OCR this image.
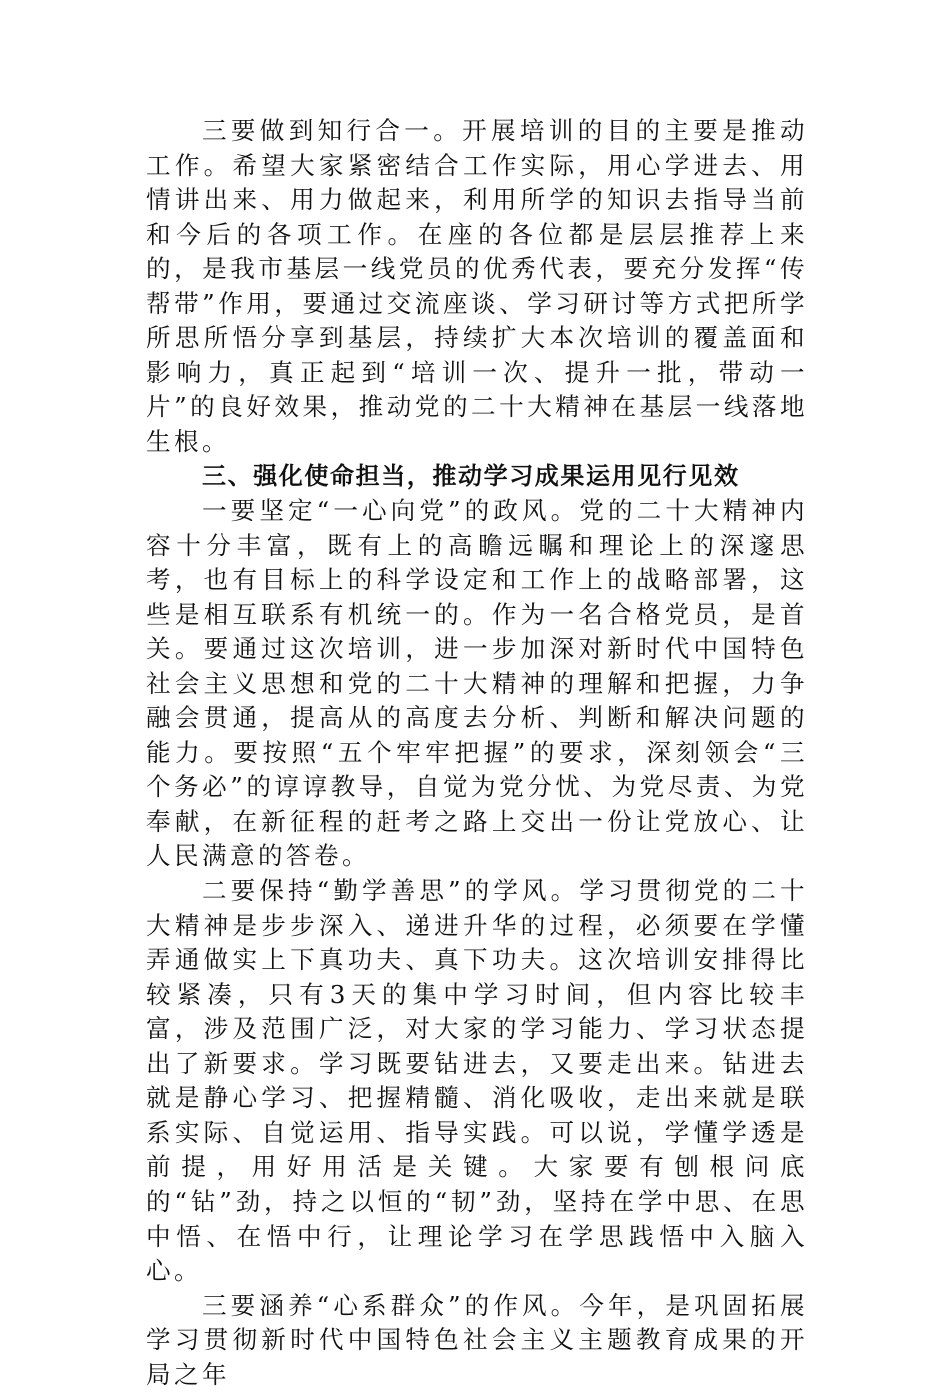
三要做到知行合一。开展培训的目的主要是推动工作。希望大家紧密结合工作实际，用心学进去、用情讲出来、用力做起来，利用所学的知识去指导当前和今后的各项工作。在座的各位都是层层推荐上来的，是我市基层一线党员的优秀代表，要充分发挥“传帮带”作用，要通过交流座谈、学习研讨等方式把所学所思所悟分享到基层，持续扩大本次培训的覆盖面和影响力，真正起到“培训一次、提升一批，带动一片”的良好效果，推动党的二十大精神在基层一线落地生根。

三、强化使命担当，推动学习成果运用见行见效

一要坚定“一心向党”的政风。党的二十大精神内容十分丰富，既有上的高瞻远瞩和理论上的深邃思考，也有目标上的科学设定和工作上的战略部署，这些是相互联系有机统一的。作为一名合格党员，是首关。要通过这次培训，进一步加深对新时代中国特色社会主义思想和党的二十大精神的理解和把握，力争融会贯通，提高从的高度去分析、判断和解决问题的能力。要按照“五个牢牢把握”的要求，深刻领会“三个务必”的谆谆教导，自觉为党分忧、为党尽责、为党奉献，在新征程的赶考之路上交出一份让党放心、让人民满意的答卷。

二要保持“勤学善思”的学风。学习贯彻党的二十大精神是步步深入、递进升华的过程，必须要在学懂弄通做实上下真功夫、真下功夫。这次培训安排得比较紧凑，只有3天的集中学习时间，但内容比较丰富，涉及范围广泛，对大家的学习能力、学习状态提出了新要求。学习既要钻进去，又要走出来。钻进去就是静心学习、把握精髓、消化吸收，走出来就是联系实际、自觉运用、指导实践。可以说，学懂学透是前提，用好用活是关键。大家要有刨根问底的“钻”劲，持之以恒的“韧”劲，坚持在学中思、在思中悟、在悟中行，让理论学习在学思践悟中入脑入心。

三要涵养“心系群众”的作风。今年，是巩固拓展学习贯彻新时代中国特色社会主义主题教育成果的开局之年
